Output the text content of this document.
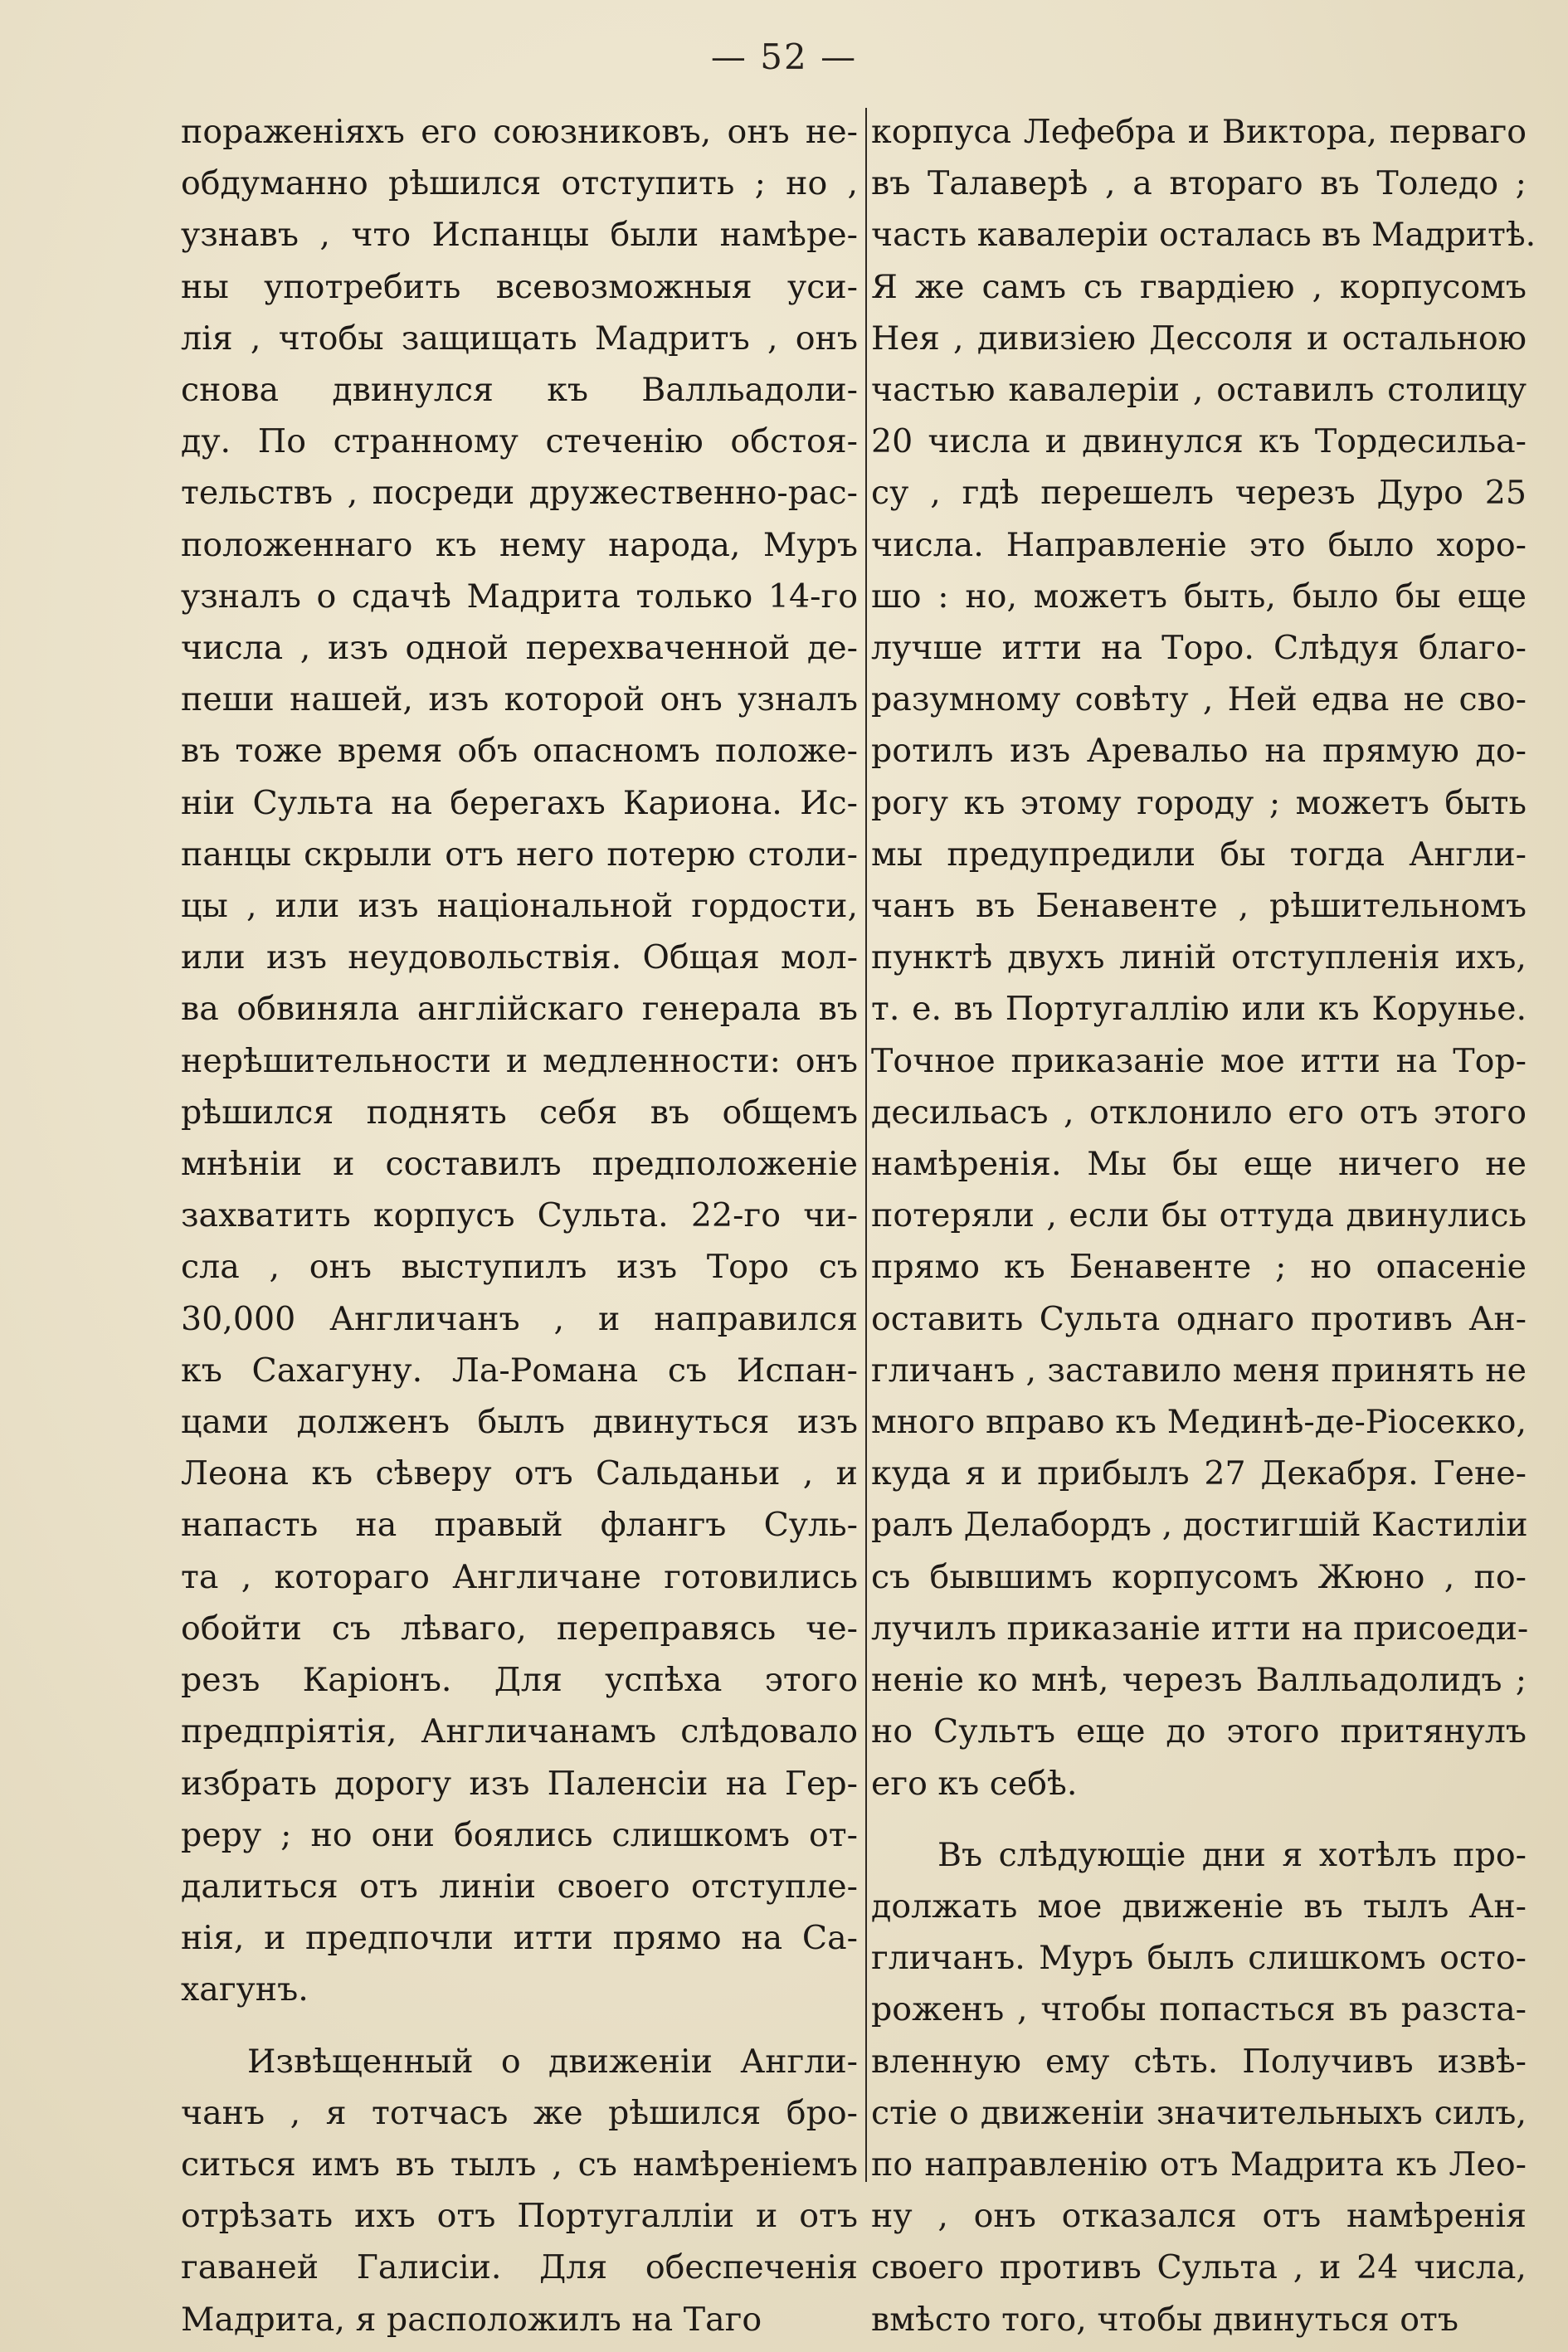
— 52 —

пораженiяхъ его союзниковъ, онъ не-
обдуманно рѣшился отступить ; но ,
узнавъ , что Испанцы были намѣре-
ны употребить всевозможныя уси-
лiя , чтобы защищать Мадритъ , онъ
снова двинулся къ Валльадоли-
ду. По странному стеченiю обстоя-
тельствъ , посреди дружественно-рас-
положеннаго къ нему народа, Муръ
узналъ о сдачѣ Мадрита только 14-го
числа , изъ одной перехваченной де-
пеши нашей, изъ которой онъ узналъ
въ тоже время объ опасномъ положе-
нiи Сульта на берегахъ Кариона. Ис-
панцы скрыли отъ него потерю столи-
цы , или изъ нацiональной гордости,
или изъ неудовольствiя. Общая мол-
ва обвиняла англiйскаго генерала въ
нерѣшительности и медленности: онъ
рѣшился поднять себя въ общемъ
мнѣнiи и составилъ предположенiе
захватить корпусъ Сульта. 22-го чи-
сла , онъ выступилъ изъ Торо съ
30,000 Англичанъ , и направился
къ Сахагуну. Ла-Романа съ Испан-
цами долженъ былъ двинуться изъ
Леона къ сѣверу отъ Сальданьи , и
напасть на правый флангъ Суль-
та , котораго Англичане готовились
обойти съ лѣваго, переправясь че-
резъ Карiонъ. Для успѣха этого
предпрiятiя, Англичанамъ слѣдовало
избрать дорогу изъ Паленсiи на Гер-
реру ; но они боялись слишкомъ от-
далиться отъ линiи своего отступле-
нiя, и предпочли итти прямо на Са-
хагунъ.

Извѣщенный о движенiи Англи-
чанъ , я тотчасъ же рѣшился бро-
ситься имъ въ тылъ , съ намѣренiемъ
отрѣзать ихъ отъ Португаллiи и отъ
гаваней Галисiи. Для обеспеченiя
Мадрита, я расположилъ на Таго

корпуса Лефебра и Виктора, перваго
въ Талаверѣ , а втораго въ Толедо ;
часть кавалерiи осталась въ Мадритѣ.
Я же самъ съ гвардiею , корпусомъ
Нея , дивизiею Дессоля и остальною
частью кавалерiи , оставилъ столицу
20 числа и двинулся къ Тордесильа-
су , гдѣ перешелъ черезъ Дуро 25
числа. Направленiе это было хоро-
шо : но, можетъ быть, было бы еще
лучше итти на Торо. Слѣдуя благо-
разумному совѣту , Ней едва не сво-
ротилъ изъ Аревальо на прямую до-
рогу къ этому городу ; можетъ быть
мы предупредили бы тогда Англи-
чанъ въ Бенавенте , рѣшительномъ
пунктѣ двухъ линiй отступленiя ихъ,
т. е. въ Португаллiю или къ Корунье.
Точное приказанiе мое итти на Тор-
десильасъ , отклонило его отъ этого
намѣренiя. Мы бы еще ничего не
потеряли , если бы оттуда двинулись
прямо къ Бенавенте ; но опасенiе
оставить Сульта однаго противъ Ан-
гличанъ , заставило меня принять не
много вправо къ Мединѣ-де-Рiосекко,
куда я и прибылъ 27 Декабря. Гене-
ралъ Делабордъ , достигшiй Кастилiи
съ бывшимъ корпусомъ Жюно , по-
лучилъ приказанiе итти на присоеди-
ненiе ко мнѣ, черезъ Валльадолидъ ;
но Сультъ еще до этого притянулъ
его къ себѣ.

Въ слѣдующiе дни я хотѣлъ про-
должать мое движенiе въ тылъ Ан-
гличанъ. Муръ былъ слишкомъ осто-
роженъ , чтобы попасться въ разста-
вленную ему сѣть. Получивъ извѣ-
стiе о движенiи значительныхъ силъ,
по направленiю отъ Мадрита къ Лео-
ну , онъ отказался отъ намѣренiя
своего противъ Сульта , и 24 числа,
вмѣсто того, чтобы двинуться отъ
